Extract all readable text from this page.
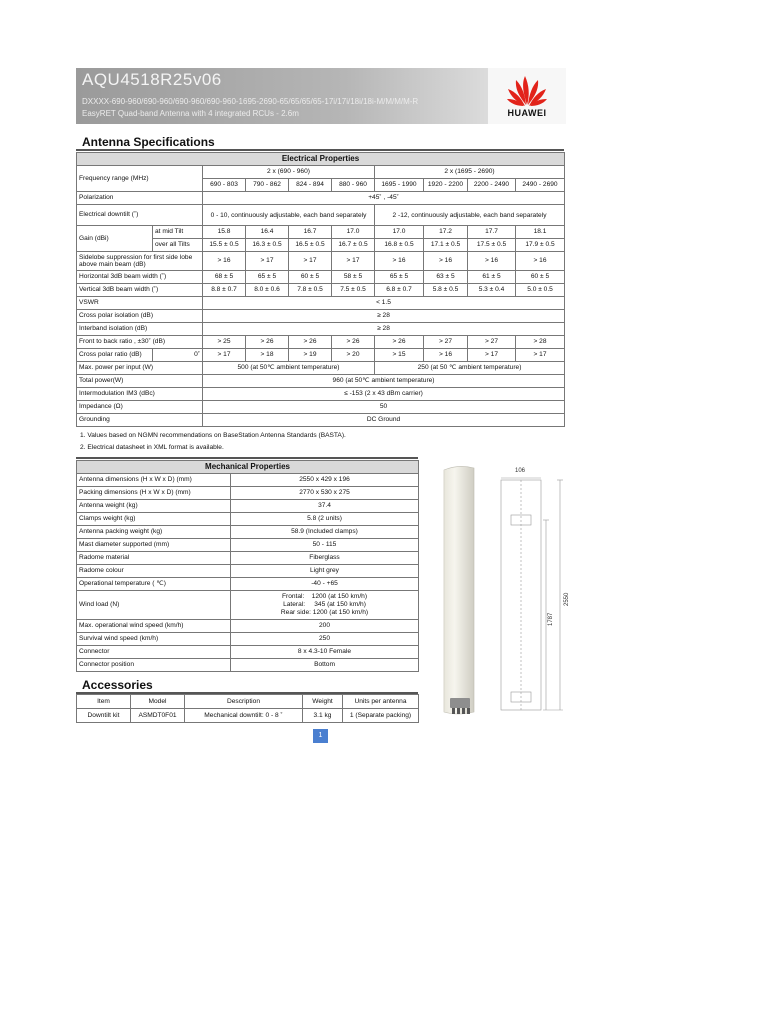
AQU4518R25v06
DXXXX-690-960/690-960/690-960/690-960-1695-2690-65/65/65/65-17i/17i/18i/18i-M/M/M/M-R
EasyRET Quad-band Antenna with 4 integrated RCUs - 2.6m	HUAWEI
Antenna Specifications
Electrical Properties									
Frequency range (MHz)		2 x (690 - 960)				2 x (1695 - 2690)			
		690 - 803	790 - 862	824 - 894	880 - 960	1695 - 1990	1920 - 2200	2200 - 2490	2490 - 2690
Polarization		+45˚ , -45˚							
Electrical downtilt (˚)		0 - 10, continuously adjustable, each band separately				2 -12, continuously adjustable, each band separately			
Gain (dBi)	at mid Tilt	15.8	16.4	16.7	17.0	17.0	17.2	17.7	18.1
	over all Tilts	15.5 ± 0.5	16.3 ± 0.5	16.5 ± 0.5	16.7 ± 0.5	16.8 ± 0.5	17.1 ± 0.5	17.5 ± 0.5	17.9 ± 0.5
Sidelobe suppression for first side lobe above main beam (dB)		> 16	> 17	> 17	> 17	> 16	> 16	> 16	> 16
Horizontal 3dB beam width (˚)		68 ± 5	65 ± 5	60 ± 5	58 ± 5	65 ± 5	63 ± 5	61 ± 5	60 ± 5
Vertical 3dB beam width (˚)		8.8 ± 0.7	8.0 ± 0.6	7.8 ± 0.5	7.5 ± 0.5	6.8 ± 0.7	5.8 ± 0.5	5.3 ± 0.4	5.0 ± 0.5
VSWR		< 1.5							
Cross polar isolation (dB)		≥ 28							
Interband isolation (dB)		≥ 28							
Front to back ratio , ±30˚ (dB)		> 25	> 26	> 26	> 26	> 26	> 27	> 27	> 28
Cross polar ratio (dB)	0˚	> 17	> 18	> 19	> 20	> 15	> 16	> 17	> 17
Max. power per input (W)		500 (at 50℃ ambient temperature)				250 (at 50 ℃ ambient temperature)			
Total power(W)		960 (at 50℃ ambient temperature)							
Intermodulation IM3 (dBc)		≤ -153 (2 x 43 dBm carrier)							
Impedance (Ω)		50							
Grounding		DC Ground							
1. Values based on NGMN recommendations on BaseStation Antenna Standards (BASTA).
2. Electrical datasheet in XML format is available.
Mechanical Properties	
Antenna dimensions (H x W x D) (mm)	2550 x 429 x 196
Packing dimensions (H x W x D) (mm)	2770 x 530 x 275
Antenna weight (kg)	37.4
Clamps weight (kg)	5.8 (2 units)
Antenna packing weight (kg)	58.9 (Included clamps)
Mast diameter supported (mm)	50 - 115
Radome material	Fiberglass
Radome colour	Light grey
Operational temperature ( ℃)	-40 - +65
Wind load (N)	Frontal:    1200 (at 150 km/h)
Lateral:     345 (at 150 km/h)
Rear side: 1200 (at 150 km/h)

Max. operational wind speed (km/h)	200
Survival wind speed (km/h)	250
Connector	8 x 4.3-10 Female
Connector position	Bottom
Accessories
Item	Model	Description	Weight	Units per antenna
Downtilt kit	ASMDT0F01	Mechanical downtilt: 0 - 8 ˚	3.1 kg	1 (Separate packing)
106
1787
2550
1
